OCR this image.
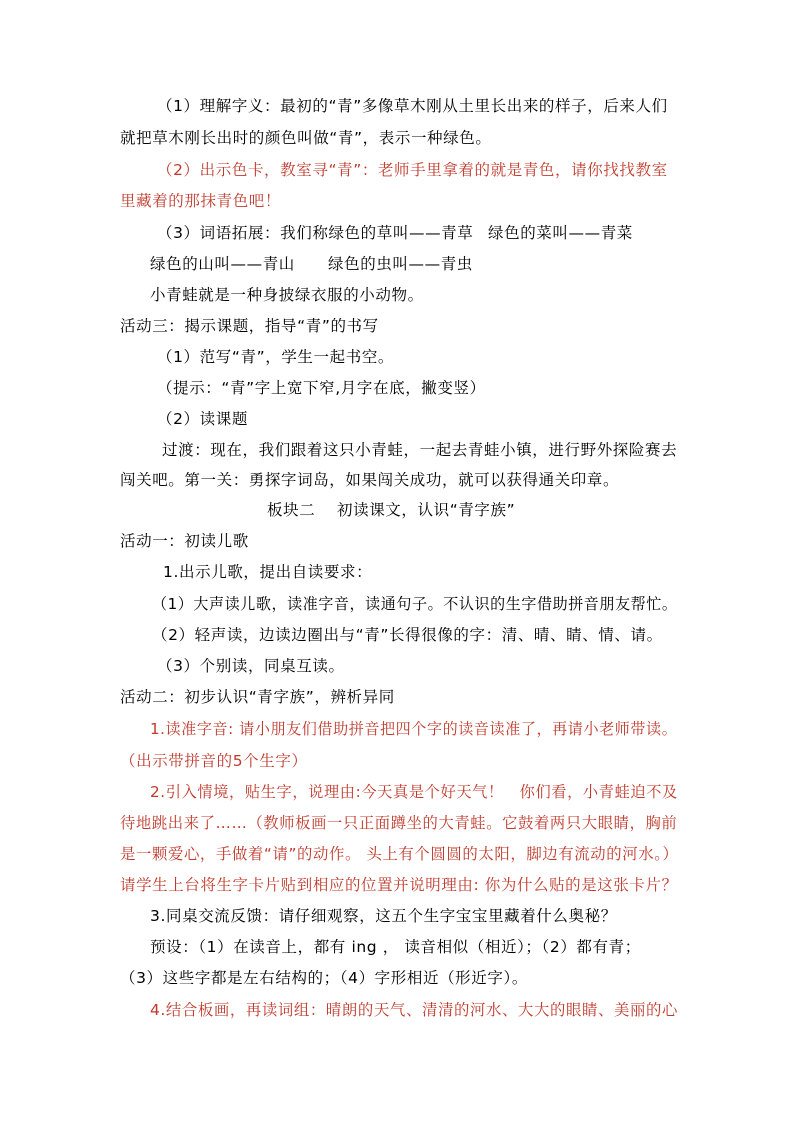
（1）理解字义：最初的“青”多像草木刚从土里长出来的样子，后来人们
就把草木刚长出时的颜色叫做“青”，表示一种绿色。
（2）出示色卡，教室寻“青”：老师手里拿着的就是青色，请你找找教室
里藏着的那抹青色吧！
（3）词语拓展：我们称绿色的草叫——青草 绿色的菜叫——青菜
绿色的山叫——青山 绿色的虫叫——青虫
小青蛙就是一种身披绿衣服的小动物。
活动三：揭示课题，指导“青”的书写
（1）范写“青”，学生一起书空。
（提示：“青”字上宽下窄,月字在底，撇变竖）
（2）读课题
过渡：现在，我们跟着这只小青蛙，一起去青蛙小镇，进行野外探险赛去
闯关吧。第一关：勇探字词岛，如果闯关成功，就可以获得通关印章。
板块二 初读课文，认识“青字族”
活动一：初读儿歌
1.出示儿歌，提出自读要求：
（1）大声读儿歌，读准字音，读通句子。不认识的生字借助拼音朋友帮忙。
（2）轻声读，边读边圈出与“青”长得很像的字：清、晴、睛、情、请。
（3）个别读，同桌互读。
活动二：初步认识“青字族”，辨析异同
1.读准字音: 请小朋友们借助拼音把四个字的读音读准了，再请小老师带读。
（出示带拼音的5个生字）
2.引入情境，贴生字，说理由:今天真是个好天气！　你们看，小青蛙迫不及
待地跳出来了……（教师板画一只正面蹲坐的大青蛙。它鼓着两只大眼睛，胸前
是一颗爱心，手做着“请”的动作。 头上有个圆圆的太阳，脚边有流动的河水。）
请学生上台将生字卡片贴到相应的位置并说明理由: 你为什么贴的是这张卡片？
3.同桌交流反馈：请仔细观察，这五个生字宝宝里藏着什么奥秘？
预设：（1）在读音上，都有 ing ， 读音相似（相近）；（2）都有青；
（3）这些字都是左右结构的；（4）字形相近（形近字）。
4.结合板画，再读词组：晴朗的天气、清清的河水、大大的眼睛、美丽的心
